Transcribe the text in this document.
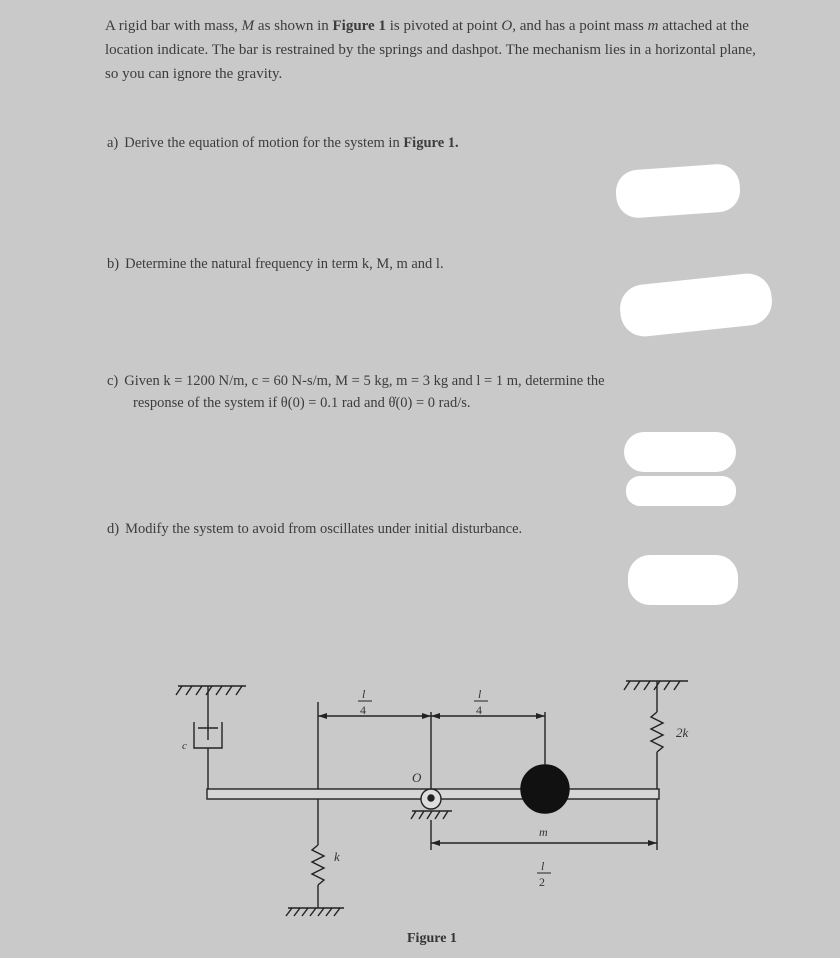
A rigid bar with mass, M as shown in Figure 1 is pivoted at point O, and has a point mass m attached at the location indicate. The bar is restrained by the springs and dashpot. The mechanism lies in a horizontal plane, so you can ignore the gravity.

a) Derive the equation of motion for the system in Figure 1.

b) Determine the natural frequency in term k, M, m and l.

c) Given k = 1200 N/m, c = 60 N-s/m, M = 5 kg, m = 3 kg and l = 1 m, determine the
response of the system if θ(0) = 0.1 rad and θ̇(0) = 0 rad/s.

d) Modify the system to avoid from oscillates under initial disturbance.

c
k
2k
O
m
l	l
l
4	4
2
Figure 1
